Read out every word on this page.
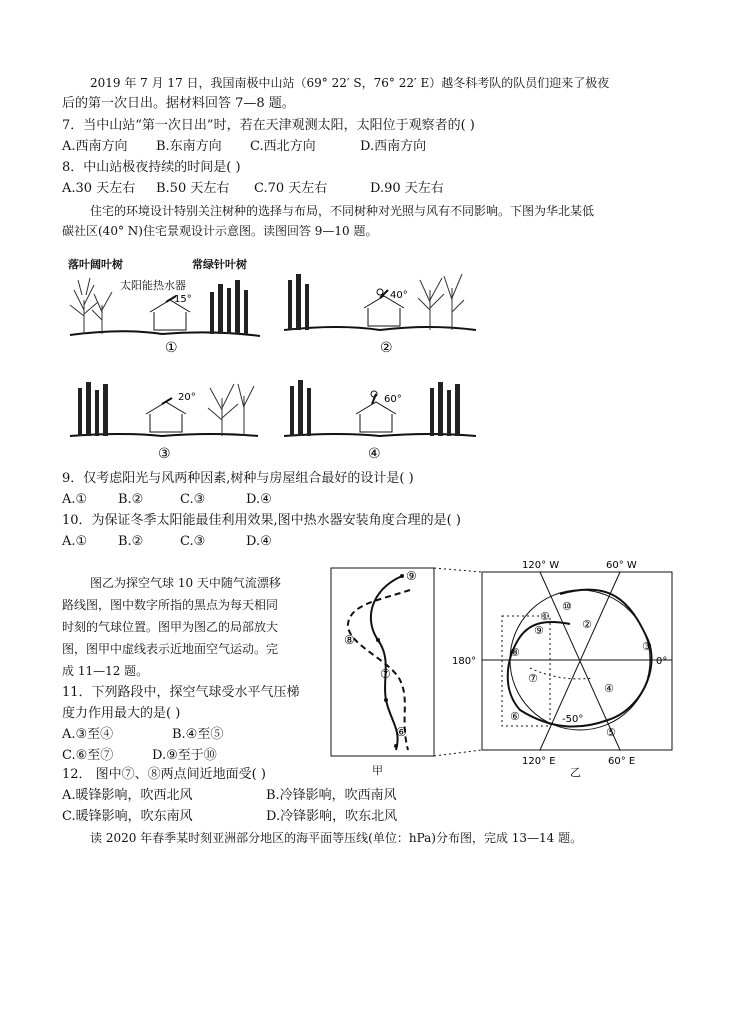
2019 年 7 月 17 日，我国南极中山站（69° 22′ S，76° 22′ E）越冬科考队的队员们迎来了极夜
后的第一次日出。据材料回答 7—8 题。
7．当中山站“第一次日出”时，若在天津观测太阳，太阳位于观察者的( )
A.西南方向 B.东南方向 C.西北方向	D.西南方向
8．中山站极夜持续的时间是( )
A.30 天左右 B.50 天左右 C.70 天左右	D.90 天左右
住宅的环境设计特别关注树种的选择与布局，不同树种对光照与风有不同影响。下图为华北某低
碳社区(40° N)住宅景观设计示意图。读图回答 9—10 题。
落叶阔叶树	常绿针叶树
太阳能热水器
①
15°
②
40°
③
20°
④
60°
9．仅考虑阳光与风两种因素,树种与房屋组合最好的设计是( )
A.① B.②	C.③	D.④
10．为保证冬季太阳能最佳利用效果,图中热水器安装角度合理的是( )
A.① B.②	C.③	D.④
图乙为探空气球 10 天中随气流漂移
路线图，图中数字所指的黑点为每天相同
时刻的气球位置。图甲为图乙的局部放大
图，图甲中虚线表示近地面空气运动。完
成 11—12 题。
11．下列路段中，探空气球受水平气压梯
度力作用最大的是( )
A.③至④	B.④至⑤
C.⑥至⑦	D.⑨至于⑩
⑨
⑧
⑦
⑥
①
②
③
④
⑤
⑥
⑦
⑧
⑨
⑩
120° W	60° W
180°	0°
120° E	60° E
-50°
甲	乙
12． 图中⑦、⑧两点间近地面受( )
A.暖锋影响，吹西北风	B.冷锋影响，吹西南风
C.暖锋影响，吹东南风	D.冷锋影响，吹东北风
读 2020 年春季某时刻亚洲部分地区的海平面等压线(单位：hPa)分布图，完成 13—14 题。
